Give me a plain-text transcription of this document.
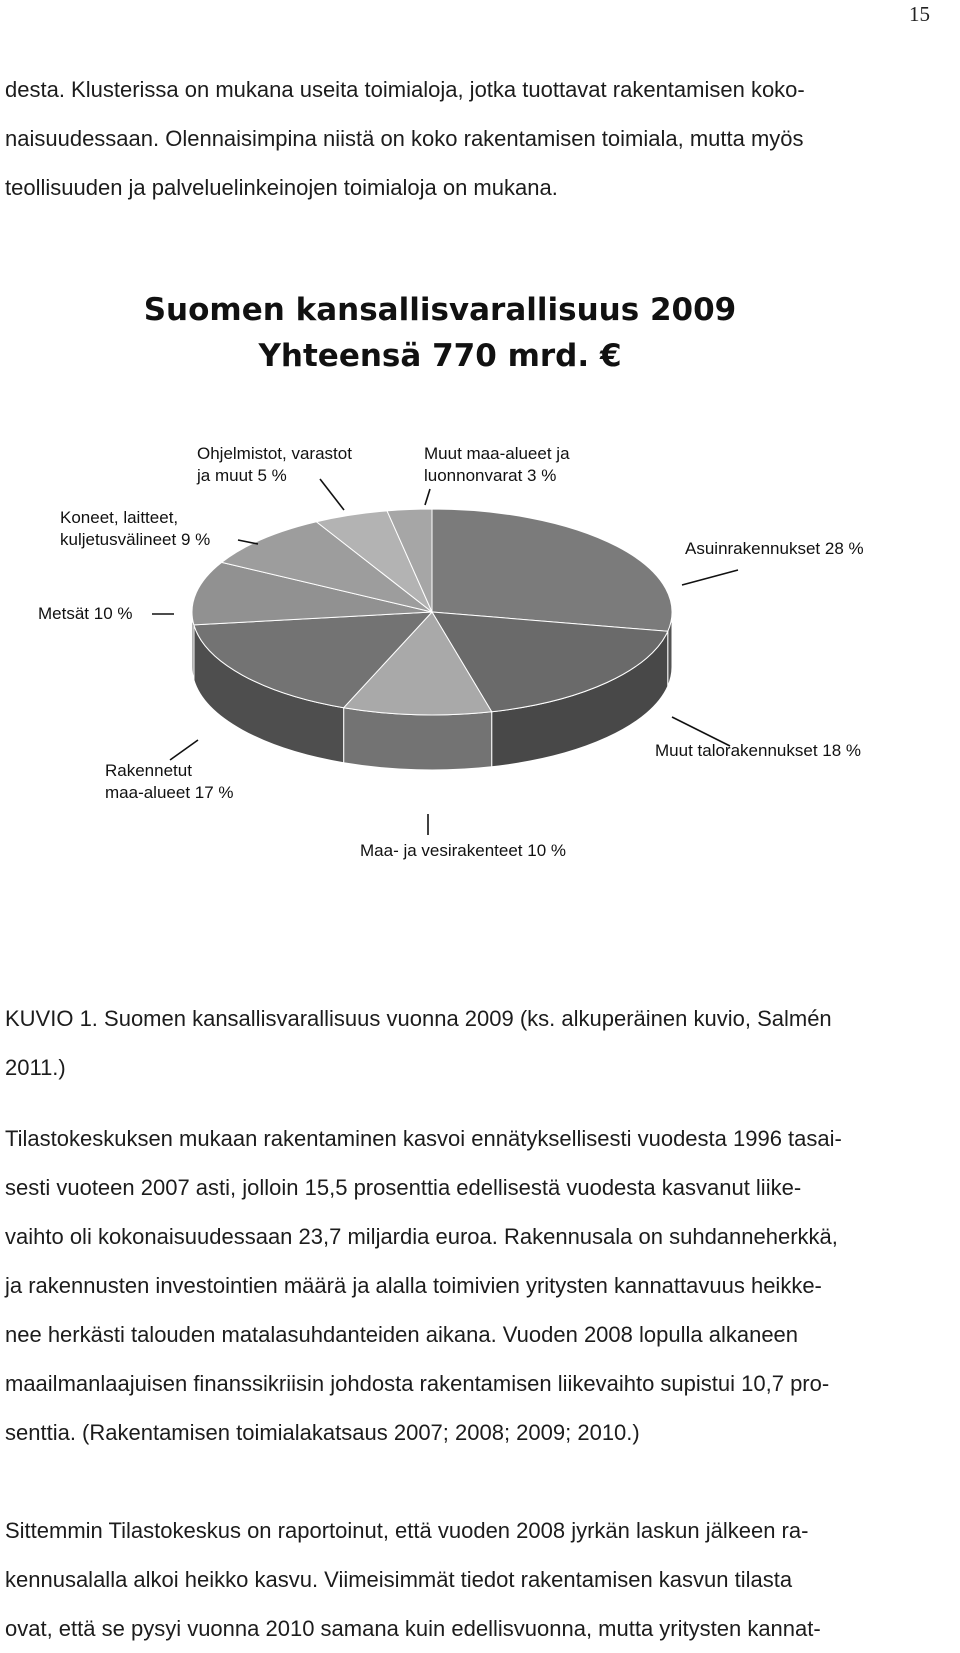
15

desta. Klusterissa on mukana useita toimialoja, jotka tuottavat rakentamisen koko-
naisuudessaan. Olennaisimpina niistä on koko rakentamisen toimiala, mutta myös
teollisuuden ja palveluelinkeinojen toimialoja on mukana.

Suomen kansallisvarallisuus 2009
Yhteensä 770 mrd. €
Asuinrakennukset 28 %
Muut talorakennukset 18 %
Maa- ja vesirakenteet 10 %
Rakennetut maa-alueet 17 %
Metsät 10 %
Koneet, laitteet, kuljetusvälineet 9 %
Ohjelmistot, varastot ja muut 5 %
Muut maa-alueet ja luonnonvarat 3 %

KUVIO 1. Suomen kansallisvarallisuus vuonna 2009 (ks. alkuperäinen kuvio, Salmén
2011.)

Tilastokeskuksen mukaan rakentaminen kasvoi ennätyksellisesti vuodesta 1996 tasai-
sesti vuoteen 2007 asti, jolloin 15,5 prosenttia edellisestä vuodesta kasvanut liike-
vaihto oli kokonaisuudessaan 23,7 miljardia euroa. Rakennusala on suhdanneherkkä,
ja rakennusten investointien määrä ja alalla toimivien yritysten kannattavuus heikke-
nee herkästi talouden matalasuhdanteiden aikana. Vuoden 2008 lopulla alkaneen
maailmanlaajuisen finanssikriisin johdosta rakentamisen liikevaihto supistui 10,7 pro-
senttia. (Rakentamisen toimialakatsaus 2007; 2008; 2009; 2010.)

Sittemmin Tilastokeskus on raportoinut, että vuoden 2008 jyrkän laskun jälkeen ra-
kennusalalla alkoi heikko kasvu. Viimeisimmät tiedot rakentamisen kasvun tilasta
ovat, että se pysyi vuonna 2010 samana kuin edellisvuonna, mutta yritysten kannat-
